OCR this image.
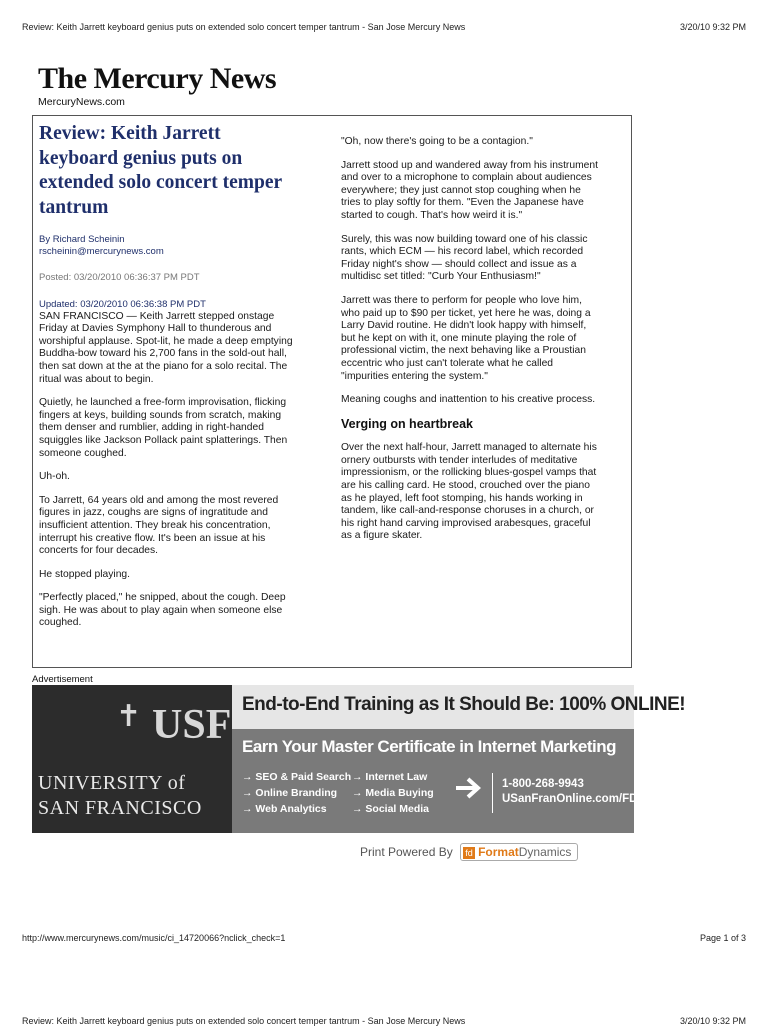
Review: Keith Jarrett keyboard genius puts on extended solo concert temper tantrum - San Jose Mercury News	3/20/10 9:32 PM
The Mercury News
MercuryNews.com
Review: Keith Jarrett keyboard genius puts on extended solo concert temper tantrum
By Richard Scheinin
rscheinin@mercurynews.com
Posted: 03/20/2010 06:36:37 PM PDT
Updated: 03/20/2010 06:36:38 PM PDT

SAN FRANCISCO — Keith Jarrett stepped onstage Friday at Davies Symphony Hall to thunderous and worshipful applause. Spot-lit, he made a deep emptying Buddha-bow toward his 2,700 fans in the sold-out hall, then sat down at the at the piano for a solo recital. The ritual was about to begin.

Quietly, he launched a free-form improvisation, flicking fingers at keys, building sounds from scratch, making them denser and rumblier, adding in right-handed squiggles like Jackson Pollack paint splatterings. Then someone coughed.

Uh-oh.

To Jarrett, 64 years old and among the most revered figures in jazz, coughs are signs of ingratitude and insufficient attention. They break his concentration, interrupt his creative flow. It's been an issue at his concerts for four decades.

He stopped playing.

"Perfectly placed," he snipped, about the cough. Deep sigh. He was about to play again when someone else coughed.

"Oh, now there's going to be a contagion."

Jarrett stood up and wandered away from his instrument and over to a microphone to complain about audiences everywhere; they just cannot stop coughing when he tries to play softly for them. "Even the Japanese have started to cough. That's how weird it is."

Surely, this was now building toward one of his classic rants, which ECM — his record label, which recorded Friday night's show — should collect and issue as a multidisc set titled: "Curb Your Enthusiasm!"

Jarrett was there to perform for people who love him, who paid up to $90 per ticket, yet here he was, doing a Larry David routine. He didn't look happy with himself, but he kept on with it, one minute playing the role of professional victim, the next behaving like a Proustian eccentric who just can't tolerate what he called "impurities entering the system."

Meaning coughs and inattention to his creative process.

Verging on heartbreak

Over the next half-hour, Jarrett managed to alternate his ornery outbursts with tender interludes of meditative impressionism, or the rollicking blues-gospel vamps that are his calling card. He stood, crouched over the piano as he played, left foot stomping, his hands working in tandem, like call-and-response choruses in a church, or his right hand carving improvised arabesques, graceful as a figure skater.

Advertisement
✝ USF
UNIVERSITY of
SAN FRANCISCO
End-to-End Training as It Should Be: 100% ONLINE!
Earn Your Master Certificate in Internet Marketing
→ SEO & Paid Search
→ Online Branding
→ Web Analytics
→ Internet Law
→ Media Buying
→ Social Media
1-800-268-9943
USanFranOnline.com/FD
Print Powered By fd FormatDynamics
http://www.mercurynews.com/music/ci_14720066?nclick_check=1	Page 1 of 3
Review: Keith Jarrett keyboard genius puts on extended solo concert temper tantrum - San Jose Mercury News	3/20/10 9:32 PM
